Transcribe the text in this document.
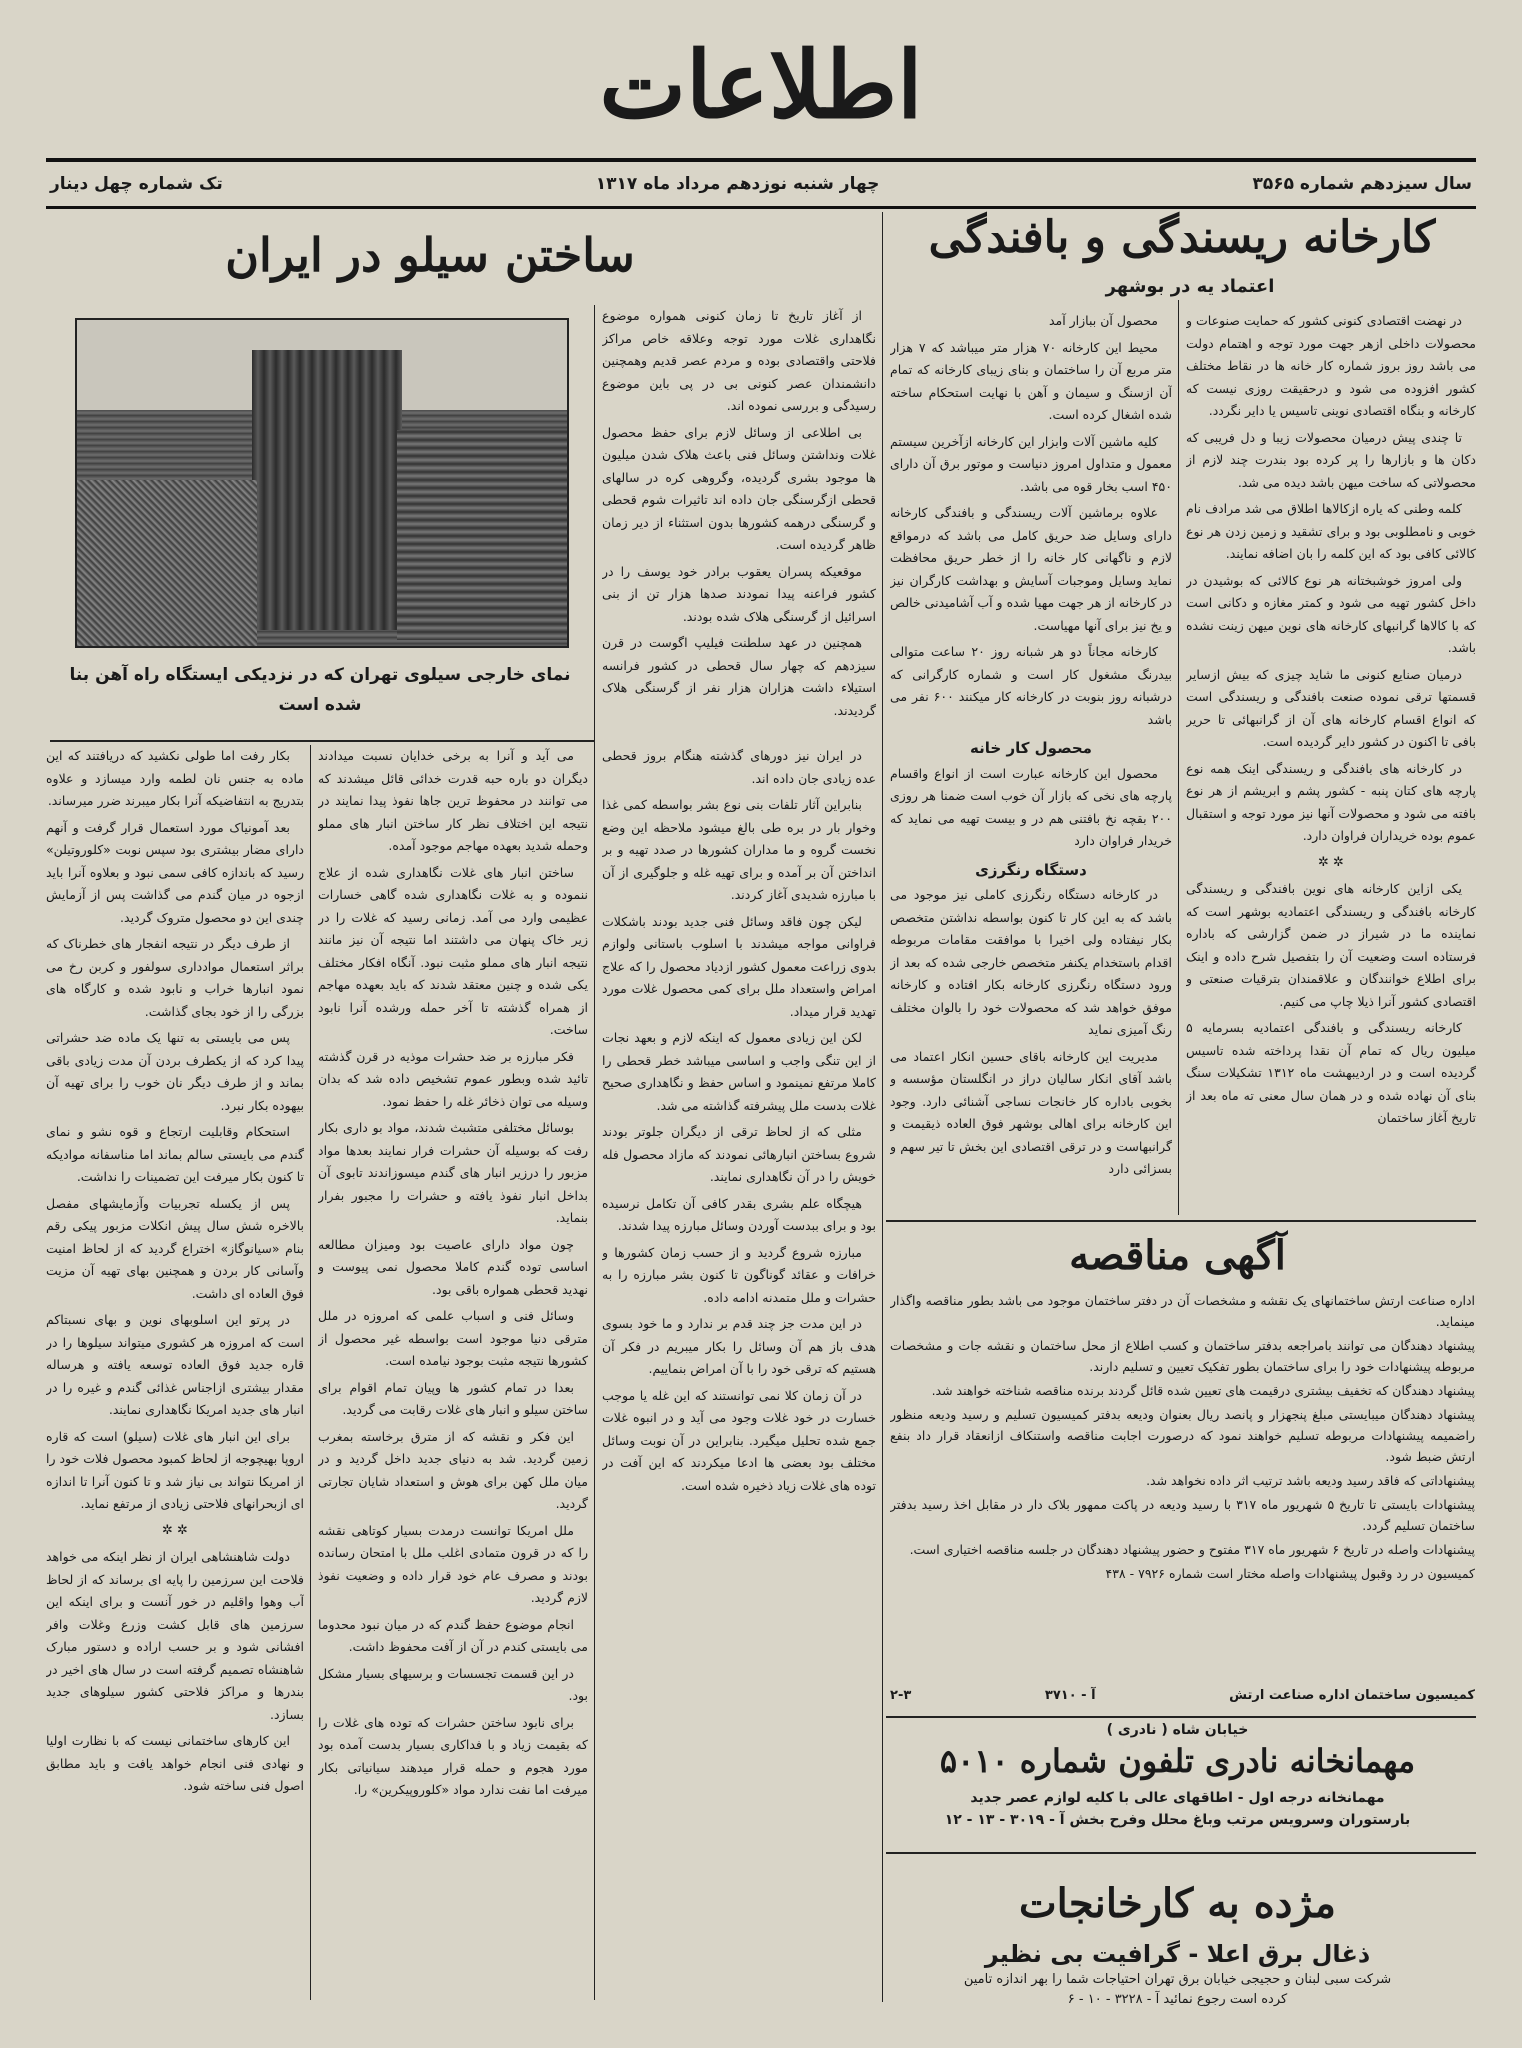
اطلاعات
سال سیزدهم شماره ۳۵۶۵
چهار شنبه نوزدهم مرداد ماه ۱۳۱۷
تک شماره چهل دینار
کارخانه ریسندگی و بافندگی
اعتماد یه در بوشهر

در نهضت اقتصادی کنونی کشور که حمایت صنوعات و محصولات داخلی ازهر جهت مورد توجه و اهتمام دولت می باشد روز بروز شماره کار خانه ها در نقاط مختلف کشور افزوده می شود و درحقیقت روزی نیست که کارخانه و بنگاه اقتصادی نوینی تاسیس یا دایر نگردد.

تا چندی پیش درمیان محصولات زیبا و دل فریبی که دکان ها و بازارها را پر کرده بود بندرت چند لازم از محصولاتی که ساخت میهن باشد دیده می شد.

کلمه وطنی که یاره ازکالاها اطلاق می شد مرادف نام خوبی و نامطلوبی بود و برای تشقید و زمین زدن هر نوع کالائی کافی بود که این کلمه را بان اضافه نمایند.

ولی امروز خوشبختانه هر نوع کالائی که بوشیدن در داخل کشور تهیه می شود و کمتر مغازه و دکانی است که با کالاها گرانبهای کارخانه های نوین میهن زینت نشده باشد.

درمیان صنایع کنونی ما شاید چیزی که بیش ازسایر قسمتها ترقی نموده صنعت بافندگی و ریسندگی است که انواع اقسام کارخانه های آن از گرانبهائی تا حریر بافی تا اکنون در کشور دایر گردیده است.

در کارخانه های بافندگی و ریسندگی اینک همه نوع پارچه های کتان پنبه - کشور پشم و ابریشم از هر نوع بافته می شود و محصولات آنها نیز مورد توجه و استقبال عموم بوده خریداران فراوان دارد.

✲ ✲

یکی ازاین کارخانه های نوین بافندگی و ریسندگی کارخانه بافندگی و ریسندگی اعتمادیه بوشهر است که نماینده ما در شیراز در ضمن گزارشی که باداره فرستاده است وضعیت آن را بتفصیل شرح داده و اینک برای اطلاع خوانندگان و علاقمندان بترقیات صنعتی و اقتصادی کشور آنرا ذیلا چاپ می کنیم.

کارخانه ریسندگی و بافندگی اعتمادیه بسرمایه ۵ میلیون ریال که تمام آن نقدا پرداخته شده تاسیس گردیده است و در اردیبهشت ماه ۱۳۱۲ تشکیلات سنگ بنای آن نهاده شده و در همان سال معنی ته ماه بعد از تاریخ آغاز ساختمان

محصول آن ببازار آمد

محیط این کارخانه ۷۰ هزار متر میباشد که ۷ هزار متر مربع آن را ساختمان و بنای زیبای کارخانه که تمام آن ازسنگ و سیمان و آهن با نهایت استحکام ساخته شده اشغال کرده است.

کلیه ماشین آلات وابزار این کارخانه ازآخرین سیستم معمول و متداول امروز دنیاست و موتور برق آن دارای ۴۵۰ اسب بخار قوه می باشد.

علاوه برماشین آلات ریسندگی و بافندگی کارخانه دارای وسایل ضد حریق کامل می باشد که درمواقع لازم و ناگهانی کار خانه را از خطر حریق محافظت نماید وسایل وموجبات آسایش و بهداشت کارگران نیز در کارخانه از هر جهت مهیا شده و آب آشامیدنی خالص و یخ نیز برای آنها مهیاست.

کارخانه مجاناً دو هر شبانه روز ۲۰ ساعت متوالی بیدرنگ مشغول کار است و شماره کارگرانی که درشبانه روز بنوبت در کارخانه کار میکنند ۶۰۰ نفر می باشد

محصول کار خانه

محصول این کارخانه عبارت است از انواع واقسام پارچه های نخی که بازار آن خوب است ضمنا هر روزی ۲۰۰ بقچه نخ بافتنی هم در و بیست تهیه می نماید که خریدار فراوان دارد

دستگاه رنگرزی

در کارخانه دستگاه رنگرزی کاملی نیز موجود می باشد که به این کار تا کنون بواسطه نداشتن متخصص بکار نیفتاده ولی اخیرا با موافقت مقامات مربوطه اقدام باستخدام یکنفر متخصص خارجی شده که بعد از ورود دستگاه رنگرزی کارخانه بکار افتاده و کارخانه موفق خواهد شد که محصولات خود را بالوان مختلف رنگ آمیزی نماید

مدیریت این کارخانه باقای حسین انکار اعتماد می باشد آقای انکار سالیان دراز در انگلستان مؤسسه و بخوبی باداره کار خانجات نساجی آشنائی دارد. وجود این کارخانه برای اهالی بوشهر فوق العاده ذیقیمت و گرانبهاست و در ترقی اقتصادی این بخش تا تیر سهم و بسزائی دارد

ساختن سیلو در ایران
نمای خارجی سیلوی تهران که در نزدیکی ایستگاه راه آهن بنا شده است

از آغاز تاریخ تا زمان کنونی همواره موضوع نگاهداری غلات مورد توجه وعلاقه خاص مراکز فلاحتی واقتصادی بوده و مردم عصر قدیم وهمچنین دانشمندان عصر کنونی بی در پی باین موضوع رسیدگی و بررسی نموده اند.

بی اطلاعی از وسائل لازم برای حفظ محصول غلات ونداشتن وسائل فنی باعث هلاک شدن میلیون ها موجود بشری گردیده، وگروهی کره در سالهای قحطی ازگرسنگی جان داده اند تاثیرات شوم قحطی و گرسنگی درهمه کشورها بدون استثناء از دیر زمان ظاهر گردیده است.

موقعیکه پسران یعقوب برادر خود یوسف را در کشور فراعنه پیدا نمودند صدها هزار تن از بنی اسرائیل از گرسنگی هلاک شده بودند.

همچنین در عهد سلطنت فیلیپ اگوست در قرن سیزدهم که چهار سال قحطی در کشور فرانسه استیلاء داشت هزاران هزار نفر از گرسنگی هلاک گردیدند.

در ایران نیز دورهای گذشته هنگام بروز قحطی عده زیادی جان داده اند.

بنابراین آثار تلفات بنی نوع بشر بواسطه کمی غذا وخوار بار در بره طی بالغ میشود ملاحظه این وضع نخست گروه و ما مداران کشورها در صدد تهیه و بر انداختن آن بر آمده و برای تهیه غله و جلوگیری از آن با مبارزه شدیدی آغاز کردند.

لیکن چون فاقد وسائل فنی جدید بودند باشکلات فراوانی مواجه میشدند با اسلوب باستانی ولوازم بدوی زراعت معمول کشور ازدیاد محصول را که علاج امراض واستعداد ملل برای کمی محصول غلات مورد تهدید قرار میداد.

لکن این زیادی معمول که اینکه لازم و بعهد نجات از این تنگی واجب و اساسی میباشد خطر قحطی را کاملا مرتفع نمینمود و اساس حفظ و نگاهداری صحیح غلات بدست ملل پیشرفته گذاشته می شد.

مثلی که از لحاظ ترقی از دیگران جلوتر بودند شروع بساختن انبارهائی نمودند که مازاد محصول فله خویش را در آن نگاهداری نمایند.

هیچگاه علم بشری بقدر کافی آن تکامل نرسیده بود و برای ببدست آوردن وسائل مبارزه پیدا شدند.

مبارزه شروع گردید و از حسب زمان کشورها و خرافات و عقائد گوناگون تا کنون بشر مبارزه را به حشرات و ملل متمدنه ادامه داده.

در این مدت جز چند قدم بر ندارد و ما خود بسوی هدف باز هم آن وسائل را بکار میبریم در فکر آن هستیم که ترقی خود را با آن امراض بنماییم.

در آن زمان کلا نمی توانستند که این غله یا موجب خسارت در خود غلات وجود می آید و در انبوه غلات جمع شده تحلیل میگیرد. بنابراین در آن نوبت وسائل مختلف بود بعضی ها ادعا میکردند که این آفت در توده های غلات زیاد ذخیره شده است.

می آید و آنرا به برخی خدایان نسبت میدادند دیگران دو باره حبه قدرت خدائی قائل میشدند که می توانند در محفوظ ترین جاها نفوذ پیدا نمایند در نتیجه این اختلاف نظر کار ساختن انبار های مملو وحمله شدید بعهده مهاجم موجود آمده.

ساختن انبار های غلات نگاهداری شده از علاج ننموده و به غلات نگاهداری شده گاهی خسارات عظیمی وارد می آمد. زمانی رسید که غلات را در زیر خاک پنهان می داشتند اما نتیجه آن نیز مانند نتیجه انبار های مملو مثبت نبود. آنگاه افکار مختلف یکی شده و چنین معتقد شدند که باید بعهده مهاجم از همراه گذشته تا آخر حمله ورشده آنرا نابود ساخت.

فکر مبارزه بر ضد حشرات موذیه در قرن گذشته تائید شده وبطور عموم تشخیص داده شد که بدان وسیله می توان ذخائر غله را حفظ نمود.

بوسائل مختلفی متشبث شدند، مواد بو داری بکار رفت که بوسیله آن حشرات فرار نمایند بعدها مواد مزبور را درزیر انبار های گندم میسوزاندند تابوی آن بداخل انبار نفوذ یافته و حشرات را مجبور بفرار بنماید.

چون مواد دارای عاصیت بود ومیزان مطالعه اساسی توده گندم کاملا محصول نمی پیوست و نهدید قحطی همواره باقی بود.

وسائل فنی و اسباب علمی که امروزه در ملل مترقی دنیا موجود است بواسطه غیر محصول از کشورها نتیجه مثبت بوجود نیامده است.

بعدا در تمام کشور ها وپیان تمام اقوام برای ساختن سیلو و انبار های غلات رقابت می گردید.

این فکر و نقشه که از مترق برخاسته بمغرب زمین گردید. شد به دنیای جدید داخل گردید و در میان ملل کهن برای هوش و استعداد شایان تجارتی گردید.

ملل امریکا توانست درمدت بسیار کوتاهی نقشه را که در قرون متمادی اغلب ملل با امتحان رسانده بودند و مصرف عام خود قرار داده و وضعیت نفوذ لازم گردید.

انجام موضوع حفظ گندم که در میان نبود محدوما می بایستی کندم در آن از آفت محفوظ داشت.

در این قسمت تجسسات و برسیهای بسیار مشکل بود.

برای نابود ساختن حشرات که توده های غلات را که بقیمت زیاد و با فداکاری بسیار بدست آمده بود مورد هجوم و حمله قرار میدهند سیانیاتی بکار میرفت اما نفت ندارد مواد «کلوروپیکرین» را.

بکار رفت اما طولی نکشید که دریافتند که این ماده به جنس نان لطمه وارد میسازد و علاوه بتدریج به انتفاضیکه آنرا بکار میبرند ضرر میرساند.

بعد آمونیاک مورد استعمال قرار گرفت و آنهم دارای مضار بیشتری بود سپس نوبت «کلوروتیلن» رسید که باندازه کافی سمی نبود و بعلاوه آنرا باید ازجوه در میان گندم می گذاشت پس از آزمایش چندی این دو محصول متروک گردید.

از طرف دیگر در نتیجه انفجار های خطرناک که براثر استعمال موادداری سولفور و کربن رخ می نمود انبارها خراب و نابود شده و کارگاه های بزرگی را از خود بجای گذاشت.

پس می بایستی به تنها یک ماده ضد حشراتی پیدا کرد که از یکطرف بردن آن مدت زیادی باقی بماند و از طرف دیگر نان خوب را برای تهیه آن بیهوده بکار نبرد.

استحکام وقابلیت ارتجاع و قوه نشو و نمای گندم می بایستی سالم بماند اما مناسفانه موادیکه تا کنون بکار میرفت این تضمینات را نداشت.

پس از یکسله تجربیات وآزمایشهای مفصل بالاخره شش سال پیش انکلات مزبور پیکی رقم بنام «سیانوگاز» اختراع گردید که از لحاظ امنیت وآسانی کار بردن و همچنین بهای تهیه آن مزیت فوق العاده ای داشت.

در پرتو این اسلوبهای نوین و بهای نسبتاکم است که امروزه هر کشوری میتواند سیلوها را در قاره جدید فوق العاده توسعه یافته و هرساله مقدار بیشتری ازاجناس غذائی گندم و غیره را در انبار های جدید امریکا نگاهداری نمایند.

برای این انبار های غلات (سیلو) است که قاره اروپا بهیچوجه از لحاظ کمبود محصول فلات خود را از امریکا نتواند بی نیاز شد و تا کنون آنرا تا اندازه ای ازبحرانهای فلاحتی زیادی از مرتفع نماید.

✲ ✲

دولت شاهنشاهی ایران از نظر اینکه می خواهد فلاحت این سرزمین را پایه ای برساند که از لحاظ آب وهوا واقلیم در خور آنست و برای اینکه این سرزمین های قابل کشت وزرع وغلات وافر افشانی شود و بر حسب اراده و دستور مبارک شاهنشاه تصمیم گرفته است در سال های اخیر در بندرها و مراکز فلاحتی کشور سیلوهای جدید بسازد.

این کارهای ساختمانی نیست که با نظارت اولیا و نهادی فنی انجام خواهد یافت و باید مطابق اصول فنی ساخته شود.

آگهی مناقصه

اداره صناعت ارتش ساختمانهای یک نقشه و مشخصات آن در دفتر ساختمان موجود می باشد بطور مناقصه واگذار مینماید.

پیشنهاد دهندگان می توانند بامراجعه بدفتر ساختمان و کسب اطلاع از محل ساختمان و نقشه جات و مشخصات مربوطه پیشنهادات خود را برای ساختمان بطور تفکیک تعیین و تسلیم دارند.

پیشنهاد دهندگان که تخفیف بیشتری درقیمت های تعیین شده قائل گردند برنده مناقصه شناخته خواهند شد.

پیشنهاد دهندگان میبایستی مبلغ پنجهزار و پانصد ریال بعنوان ودیعه بدفتر کمیسیون تسلیم و رسید ودیعه منظور راضمیمه پیشنهادات مربوطه تسلیم خواهند نمود که درصورت اجابت مناقصه واستنکاف ازانعقاد قرار داد بنفع ارتش ضبط شود.

پیشنهاداتی که فاقد رسید ودیعه باشد ترتیب اثر داده نخواهد شد.

پیشنهادات بایستی تا تاریخ ۵ شهریور ماه ۳۱۷ با رسید ودیعه در پاکت ممهور بلاک دار در مقابل اخذ رسید بدفتر ساختمان تسلیم گردد.

پیشنهادات واصله در تاریخ ۶ شهریور ماه ۳۱۷ مفتوح و حضور پیشنهاد دهندگان در جلسه مناقصه اختیاری است.

کمیسیون در رد وقبول پیشنهادات واصله مختار است شماره ۷۹۲۶ - ۴۳۸

کمیسیون ساختمان اداره صناعت ارتش
آ - ۳۷۱۰
۲-۳
خیابان شاه ( نادری )
مهمانخانه نادری تلفون شماره ۵۰۱۰
مهمانخانه درجه اول - اطاقهای عالی با کلیه لوازم عصر جدید
بارستوران وسرویس مرتب وباغ محلل وفرح بخش آ - ۳۰۱۹ - ۱۳ - ۱۲
مژده به کارخانجات
ذغال برق اعلا - گرافیت بی نظیر
شرکت سبی لبنان و حجیجی خیابان برق تهران احتیاجات شما را بهر اندازه تامین
کرده است رجوع نمائید آ - ۳۲۲۸ - ۱۰ - ۶
